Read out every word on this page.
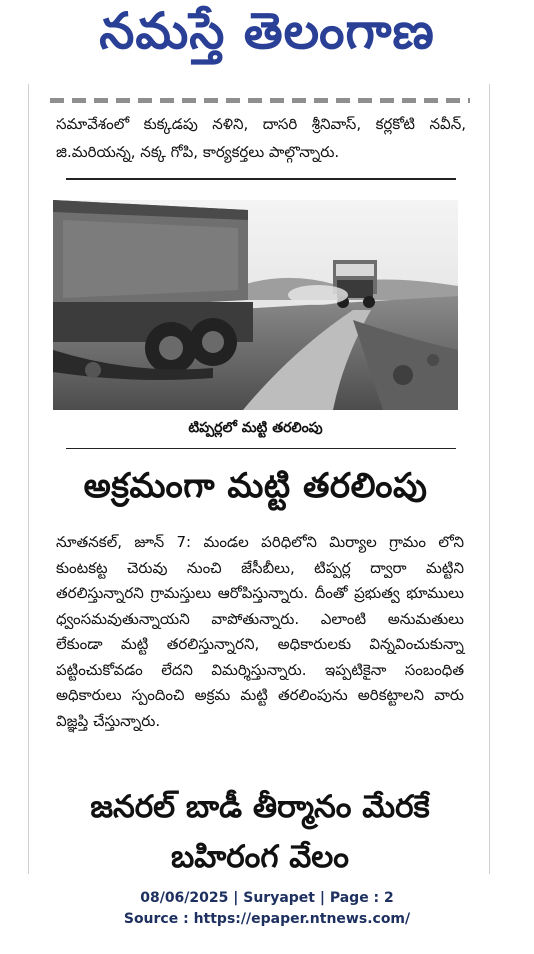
నమస్తే తెలంగాణ
సమావేశంలో కుక్కడపు నళిని, దాసరి శ్రీనివాస్, కర్లకోటి నవీన్, జి.మరియన్న, నక్క గోపి, కార్యకర్తలు పాల్గొన్నారు.
టిప్పర్లలో మట్టి తరలింపు
అక్రమంగా మట్టి తరలింపు
నూతనకల్, జూన్ 7: మండల పరిధిలోని మిర్యాల గ్రామం లోని కుంటకట్ట చెరువు నుంచి జేసీబీలు, టిప్పర్ల ద్వారా మట్టిని తరలిస్తున్నారని గ్రామస్తులు ఆరోపిస్తున్నారు. దీంతో ప్రభుత్వ భూములు ధ్వంసమవుతున్నాయని వాపోతున్నారు. ఎలాంటి అనుమతులు లేకుండా మట్టి తరలిస్తున్నారని, అధికారులకు విన్నవించుకున్నా పట్టించుకోవడం లేదని విమర్శిస్తున్నారు. ఇప్పటికైనా సంబంధిత అధికారులు స్పందించి అక్రమ మట్టి తరలింపును అరికట్టాలని వారు విజ్ఞప్తి చేస్తున్నారు.
జనరల్ బాడీ తీర్మానం మేరకే
బహిరంగ వేలం
08/06/2025 | Suryapet | Page : 2
Source : https://epaper.ntnews.com/
